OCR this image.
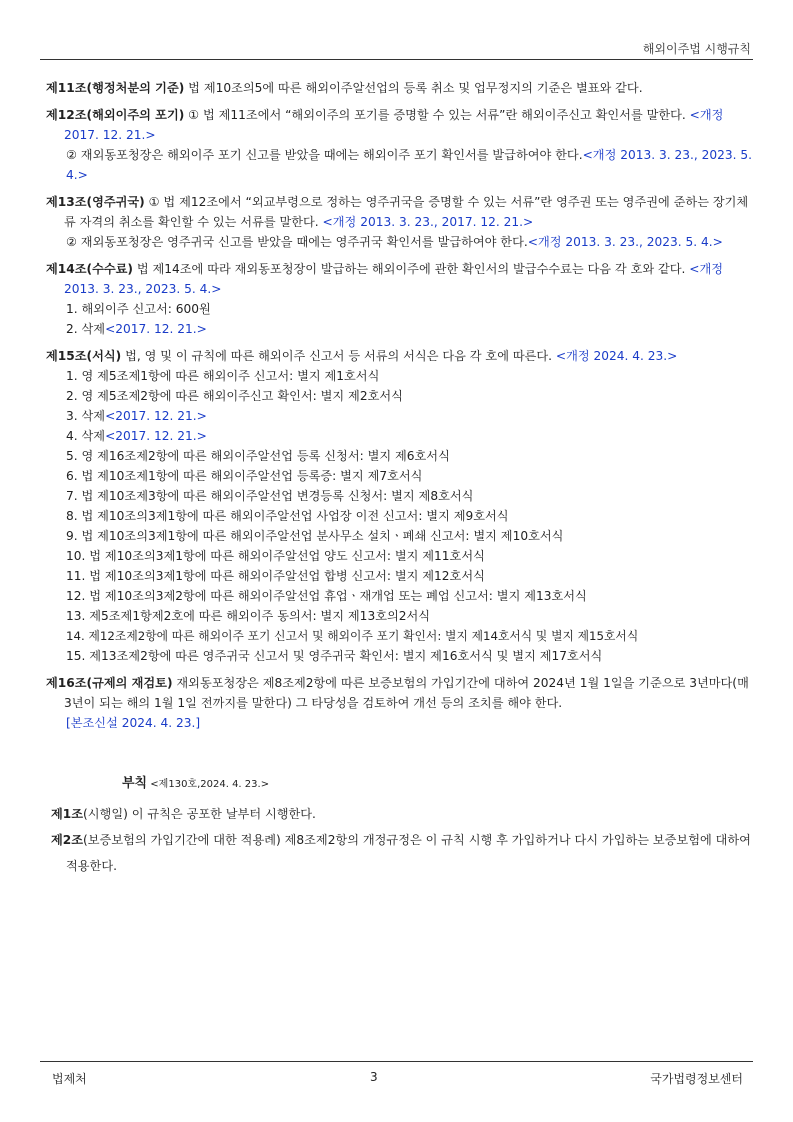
해외이주법 시행규칙
제11조(행정처분의 기준) 법 제10조의5에 따른 해외이주알선업의 등록 취소 및 업무정지의 기준은 별표와 같다.
제12조(해외이주의 포기) ① 법 제11조에서 “해외이주의 포기를 증명할 수 있는 서류”란 해외이주신고 확인서를 말한다. <개정 2017. 12. 21.>
② 재외동포청장은 해외이주 포기 신고를 받았을 때에는 해외이주 포기 확인서를 발급하여야 한다.<개정 2013. 3. 23., 2023. 5. 4.>
제13조(영주귀국) ① 법 제12조에서 “외교부령으로 정하는 영주귀국을 증명할 수 있는 서류”란 영주권 또는 영주권에 준하는 장기체류 자격의 취소를 확인할 수 있는 서류를 말한다. <개정 2013. 3. 23., 2017. 12. 21.>
② 재외동포청장은 영주귀국 신고를 받았을 때에는 영주귀국 확인서를 발급하여야 한다.<개정 2013. 3. 23., 2023. 5. 4.>
제14조(수수료) 법 제14조에 따라 재외동포청장이 발급하는 해외이주에 관한 확인서의 발급수수료는 다음 각 호와 같다. <개정 2013. 3. 23., 2023. 5. 4.>
1. 해외이주 신고서: 600원
2. 삭제<2017. 12. 21.>
제15조(서식) 법, 영 및 이 규칙에 따른 해외이주 신고서 등 서류의 서식은 다음 각 호에 따른다. <개정 2024. 4. 23.>
1. 영 제5조제1항에 따른 해외이주 신고서: 별지 제1호서식
2. 영 제5조제2항에 따른 해외이주신고 확인서: 별지 제2호서식
3. 삭제<2017. 12. 21.>
4. 삭제<2017. 12. 21.>
5. 영 제16조제2항에 따른 해외이주알선업 등록 신청서: 별지 제6호서식
6. 법 제10조제1항에 따른 해외이주알선업 등록증: 별지 제7호서식
7. 법 제10조제3항에 따른 해외이주알선업 변경등록 신청서: 별지 제8호서식
8. 법 제10조의3제1항에 따른 해외이주알선업 사업장 이전 신고서: 별지 제9호서식
9. 법 제10조의3제1항에 따른 해외이주알선업 분사무소 설치ㆍ폐쇄 신고서: 별지 제10호서식
10. 법 제10조의3제1항에 따른 해외이주알선업 양도 신고서: 별지 제11호서식
11. 법 제10조의3제1항에 따른 해외이주알선업 합병 신고서: 별지 제12호서식
12. 법 제10조의3제2항에 따른 해외이주알선업 휴업ㆍ재개업 또는 폐업 신고서: 별지 제13호서식
13. 제5조제1항제2호에 따른 해외이주 동의서: 별지 제13호의2서식
14. 제12조제2항에 따른 해외이주 포기 신고서 및 해외이주 포기 확인서: 별지 제14호서식 및 별지 제15호서식
15. 제13조제2항에 따른 영주귀국 신고서 및 영주귀국 확인서: 별지 제16호서식 및 별지 제17호서식
제16조(규제의 재검토) 재외동포청장은 제8조제2항에 따른 보증보험의 가입기간에 대하여 2024년 1월 1일을 기준으로 3년마다(매 3년이 되는 해의 1월 1일 전까지를 말한다) 그 타당성을 검토하여 개선 등의 조치를 해야 한다.
[본조신설 2024. 4. 23.]
부칙 <제130호,2024. 4. 23.>
제1조(시행일) 이 규칙은 공포한 날부터 시행한다.
제2조(보증보험의 가입기간에 대한 적용례) 제8조제2항의 개정규정은 이 규칙 시행 후 가입하거나 다시 가입하는 보증보험에 대하여 적용한다.
법제처	3	국가법령정보센터
